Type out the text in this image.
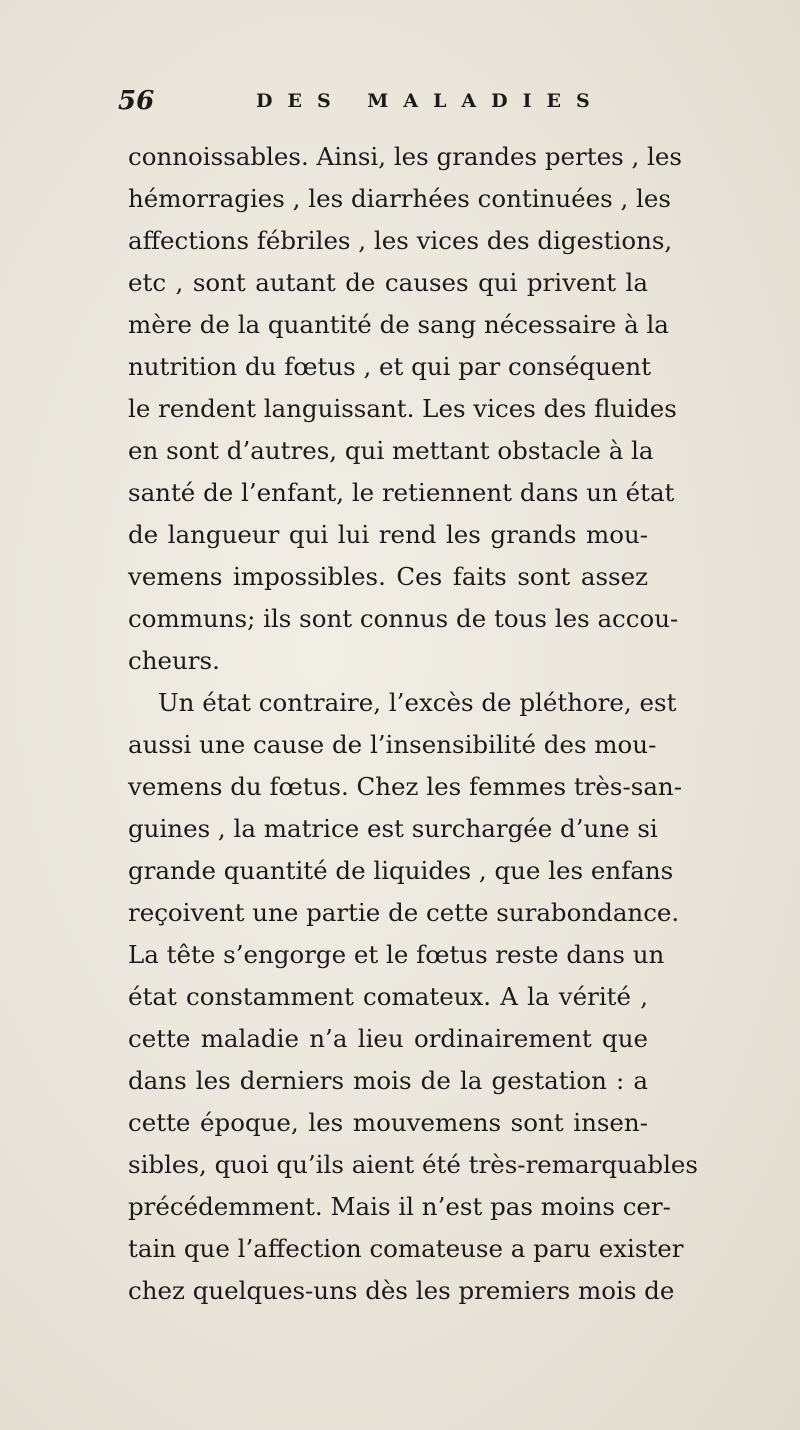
56	DES MALADIES
connoissables. Ainsi, les grandes pertes , les
hémorragies , les diarrhées continuées , les
affections fébriles , les vices des digestions,
etc , sont autant de causes qui privent la
mère de la quantité de sang nécessaire à la
nutrition du fœtus , et qui par conséquent
le rendent languissant. Les vices des fluides
en sont d’autres, qui mettant obstacle à la
santé de l’enfant, le retiennent dans un état
de langueur qui lui rend les grands mou-
vemens impossibles. Ces faits sont assez
communs; ils sont connus de tous les accou-
cheurs.
Un état contraire, l’excès de pléthore, est
aussi une cause de l’insensibilité des mou-
vemens du fœtus. Chez les femmes très-san-
guines , la matrice est surchargée d’une si
grande quantité de liquides , que les enfans
reçoivent une partie de cette surabondance.
La tête s’engorge et le fœtus reste dans un
état constamment comateux. A la vérité ,
cette maladie n’a lieu ordinairement que
dans les derniers mois de la gestation : a
cette époque, les mouvemens sont insen-
sibles, quoi qu’ils aient été très-remarquables
précédemment. Mais il n’est pas moins cer-
tain que l’affection comateuse a paru exister
chez quelques-uns dès les premiers mois de
